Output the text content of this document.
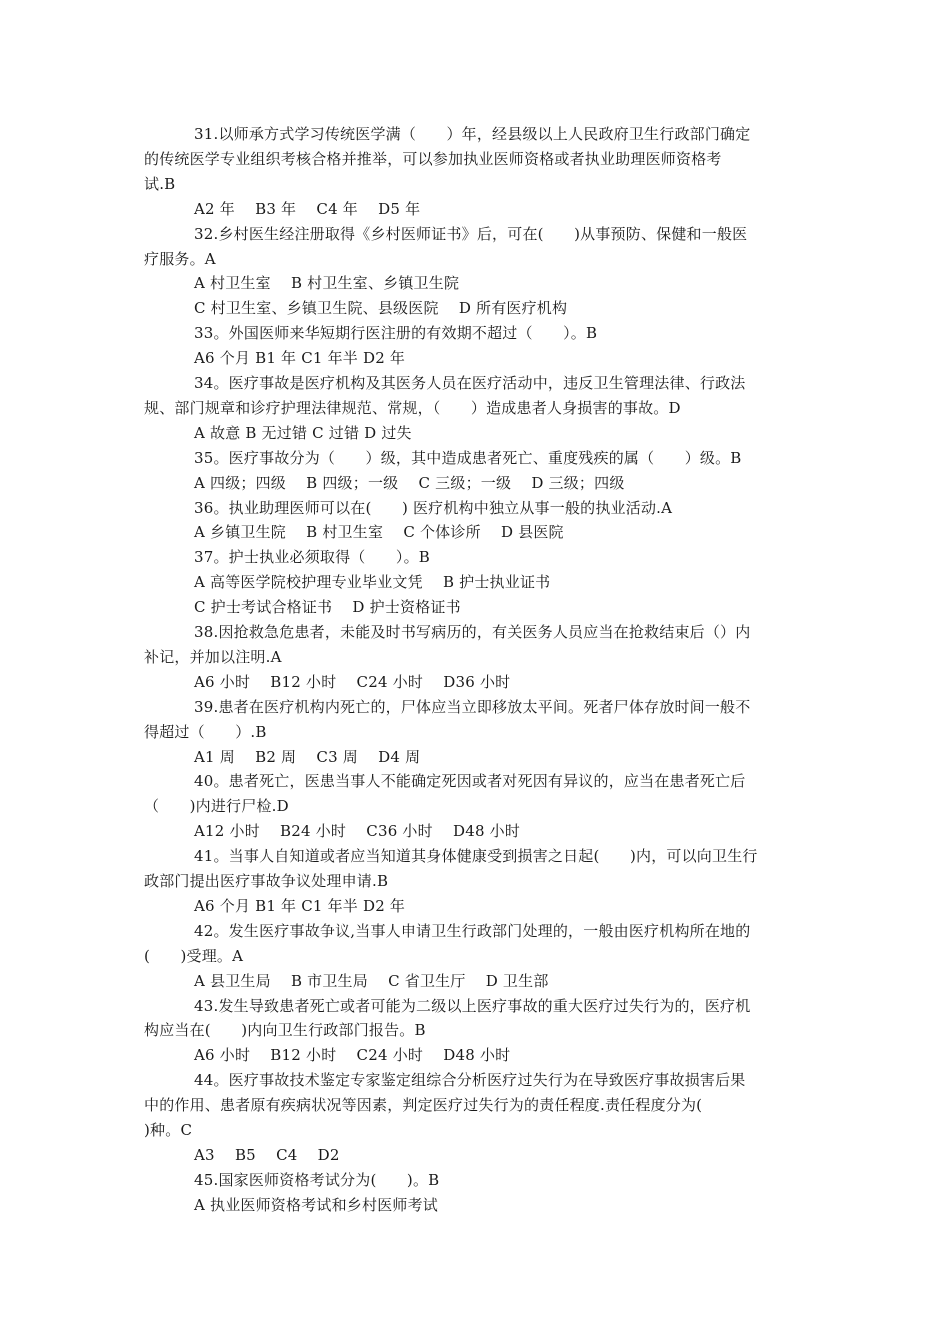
31.以师承方式学习传统医学满（　　）年，经县级以上人民政府卫生行政部门确定
的传统医学专业组织考核合格并推举，可以参加执业医师资格或者执业助理医师资格考
试.B
A2 年　 B3 年　 C4 年　 D5 年
32.乡村医生经注册取得《乡村医师证书》后，可在(　　)从事预防、保健和一般医
疗服务。A
A 村卫生室　 B 村卫生室、乡镇卫生院
C 村卫生室、乡镇卫生院、县级医院　 D 所有医疗机构
33。外国医师来华短期行医注册的有效期不超过（　　）。B
A6 个月 B1 年 C1 年半 D2 年
34。医疗事故是医疗机构及其医务人员在医疗活动中，违反卫生管理法律、行政法
规、部门规章和诊疗护理法律规范、常规，（　　）造成患者人身损害的事故。D
A 故意 B 无过错 C 过错 D 过失
35。医疗事故分为（　　）级，其中造成患者死亡、重度残疾的属（　　）级。B
A 四级；四级　 B 四级；一级　 C 三级；一级　 D 三级；四级
36。执业助理医师可以在(　　) 医疗机构中独立从事一般的执业活动.A
A 乡镇卫生院　 B 村卫生室　 C 个体诊所　 D 县医院
37。护士执业必须取得（　　）。B
A 高等医学院校护理专业毕业文凭　 B 护士执业证书
C 护士考试合格证书　 D 护士资格证书
38.因抢救急危患者，未能及时书写病历的，有关医务人员应当在抢救结束后（）内
补记，并加以注明.A
A6 小时　 B12 小时　 C24 小时　 D36 小时
39.患者在医疗机构内死亡的，尸体应当立即移放太平间。死者尸体存放时间一般不
得超过（　　）.B
A1 周　 B2 周　 C3 周　 D4 周
40。患者死亡，医患当事人不能确定死因或者对死因有异议的，应当在患者死亡后
（　　)内进行尸检.D
A12 小时　 B24 小时　 C36 小时　 D48 小时
41。当事人自知道或者应当知道其身体健康受到损害之日起(　　)内，可以向卫生行
政部门提出医疗事故争议处理申请.B
A6 个月 B1 年 C1 年半 D2 年
42。发生医疗事故争议,当事人申请卫生行政部门处理的，一般由医疗机构所在地的
(　　)受理。A
A 县卫生局　 B 市卫生局　 C 省卫生厅　 D 卫生部
43.发生导致患者死亡或者可能为二级以上医疗事故的重大医疗过失行为的，医疗机
构应当在(　　)内向卫生行政部门报告。B
A6 小时　 B12 小时　 C24 小时　 D48 小时
44。医疗事故技术鉴定专家鉴定组综合分析医疗过失行为在导致医疗事故损害后果
中的作用、患者原有疾病状况等因素，判定医疗过失行为的责任程度.责任程度分为(
)种。C
A3　 B5　 C4　 D2
45.国家医师资格考试分为(　　)。B
A 执业医师资格考试和乡村医师考试
